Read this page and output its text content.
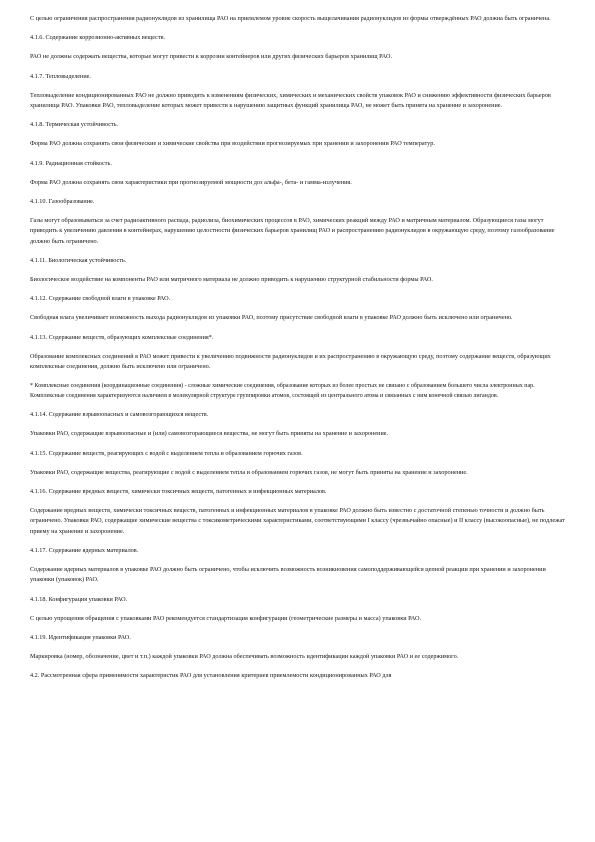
С целью ограничения распространения радионуклидов из хранилища РАО на приемлемом уровне скорость выщелачивания радионуклидов из формы отверждённых РАО должна быть ограничена.

4.1.6. Содержание коррозионно-активных веществ.

РАО не должны содержать вещества, которые могут привести к коррозии контейнеров или других физических барьеров хранилищ РАО.

4.1.7. Тепловыделение.

Тепловыделение кондиционированных РАО не должно приводить к изменениям физических, химических и механических свойств упаковок РАО и снижению эффективности физических барьеров хранилища РАО. Упаковки РАО, тепловыделение которых может привести к нарушению защитных функций хранилища РАО, не может быть принята на хранение и захоронение.

4.1.8. Термическая устойчивость.

Форма РАО должна сохранять свои физические и химические свойства при воздействии прогнозируемых при хранении и захоронении РАО температур.

4.1.9. Радиационная стойкость.

Форма РАО должна сохранять свои характеристики при прогнозируемой мощности доз альфа-, бета- и гамма-излучения.

4.1.10. Газообразование.

Газы могут образовываться за счет радиоактивного распада, радиолиза, биохимических процессов в РАО, химических реакций между РАО и матричным материалом. Образующиеся газы могут приводить к увеличению давления в контейнерах, нарушению целостности физических барьеров хранилищ РАО и распространению радионуклидов в окружающую среду, поэтому газообразование должно быть ограничено.

4.1.11. Биологическая устойчивость.

Биологическое воздействие на компоненты РАО или матричного материала не должно приводить к нарушению структурной стабильности формы РАО.

4.1.12. Содержание свободной влаги в упаковке РАО.

Свободная влага увеличивает возможность выхода радионуклидов из упаковки РАО, поэтому присутствие свободной влаги в упаковке РАО должно быть исключено или ограничено.

4.1.13. Содержание веществ, образующих комплексные соединения*.

Образование комплексных соединений в РАО может привести к увеличению подвижности радионуклидов и их распространению в окружающую среду, поэтому содержание веществ, образующих комплексные соединения, должно быть исключено или ограничено.

* Комплексные соединения (координационные соединения) - сложные химические соединения, образование которых из более простых не связано с образованием большего числа электронных пар. Комплексные соединения характеризуются наличием в молекулярной структуре группировки атомов, состоящей из центрального атома и связанных с ним конечной связью лигандов.

4.1.14. Содержание взрывоопасных и самовозгорающихся веществ.

Упаковки РАО, содержащие взрывоопасные и (или) самовозгорающиеся вещества, не могут быть приняты на хранение и захоронение.

4.1.15. Содержание веществ, реагирующих с водой с выделением тепла и образованием горючих газов.

Упаковки РАО, содержащие вещества, реагирующие с водой с выделением тепла и образованием горючих газов, не могут быть приняты на хранение и захоронение.

4.1.16. Содержание вредных веществ, химически токсичных веществ, патогенных и инфекционных материалов.

Содержание вредных веществ, химически токсичных веществ, патогенных и инфекционных материалов в упаковке РАО должно быть известно с достаточной степенью точности и должно быть ограничено. Упаковки РАО, содержащие химические вещества с токсикометрическими характеристиками, соответствующими I классу (чрезвычайно опасные) и II классу (высокоопасные), не подлежат приему на хранение и захоронение.

4.1.17. Содержание ядерных материалов.

Содержание ядерных материалов в упаковке РАО должно быть ограничено, чтобы исключить возможность возникновения самоподдерживающейся цепной реакции при хранении и захоронении упаковки (упаковок) РАО.

4.1.18. Конфигурация упаковки РАО.

С целью упрощения обращения с упаковками РАО рекомендуется стандартизация конфигурации (геометрические размеры и масса) упаковки РАО.

4.1.19. Идентификация упаковки РАО.

Маркировка (номер, обозначение, цвет и т.п.) каждой упаковки РАО должна обеспечивать возможность идентификации каждой упаковки РАО и ее содержимого.

4.2. Рассмотренная сфера применимости характеристик РАО для установления критериев приемлемости кондиционированных РАО для
